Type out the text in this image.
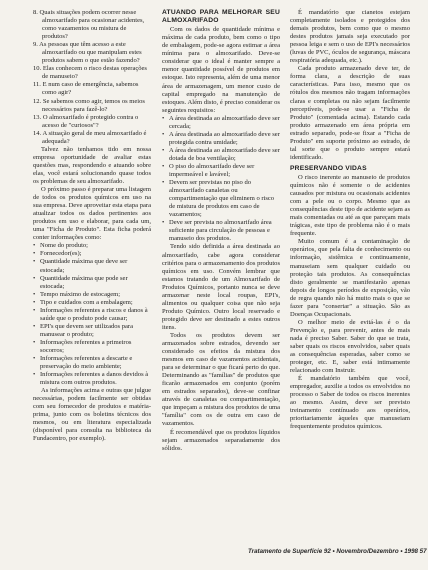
8. Quais situações podem ocorrer nesse almoxarifado para ocasionar acidentes, como vazamentos ou mistura de produtos?
9. As pessoas que têm acesso a este almoxarifado ou que manipulam estes produtos sabem o que estão fazendo?
10. Elas conhecem o risco destas operações de manuseio?
11. E num caso de emergência, sabemos como agir?
12. Se sabemos como agir, temos os meios necessários para fazê-lo?
13. O almoxarifado é protegido contra o acesso de "curiosos"?
14. A situação geral de meu almoxarifado é adequada?

Talvez não tenhamos tido em nossa empresa oportunidade de avaliar estas questões mas, respondendo e atuando sobre elas, você estará solucionando quase todos os problemas de seu almoxarifado.

O próximo passo é preparar uma listagem de todos os produtos químicos em uso na sua empresa. Deve aproveitar esta etapa para atualizar todos os dados pertinentes aos produtos em uso e elaborar, para cada um, uma "Ficha de Produto". Esta ficha poderá conter informações como:

• Nome do produto;
• Fornecedor(es);
• Quantidade máxima que deve ser estocada;
• Quantidade máxima que pode ser estocada;
• Tempo máximo de estocagem;
• Tipo e cuidados com a embalagem;
• Informações referentes a riscos e danos à saúde que o produto pode causar;
• EPI's que devem ser utilizados para manusear o produto;
• Informações referentes a primeiros socorros;
• Informações referentes a descarte e preservação do meio ambiente;
• Informações referentes a danos devidos à mistura com outros produtos.

As informações acima e outras que julgue necessárias, podem facilmente ser obtidas com seu fornecedor de produtos e matéria-prima, junto com os boletins técnicos dos mesmos, ou em literatura especializada (disponível para consulta na biblioteca da Fundacentro, por exemplo).

ATUANDO PARA MELHORAR SEU ALMOXARIFADO

Com os dados de quantidade mínima e máxima de cada produto, bem como o tipo de embalagem, pode-se agora estimar a área mínima para o almoxarifado. Deve-se considerar que o ideal é manter sempre a menor quantidade possível de produtos em estoque. Isto representa, além de uma menor área de armazenagem, um menor custo de capital empregado na manutenção de estoques. Além disto, é preciso considerar os seguintes requisitos:

• A área destinada ao almoxarifado deve ser cercada;
• A área destinada ao almoxarifado deve ser protegida contra umidade;
• A área destinada ao almoxarifado deve ser dotada de boa ventilação;
• O piso do almoxarifado deve ser impermeável e lavável;
• Devem ser previstas no piso do almoxarifado canaletas ou compartimentação que eliminem o risco de mistura de produtos em caso de vazamentos;
• Deve ser prevista no almoxarifado área suficiente para circulação de pessoas e manuseio dos produtos.

Tendo sido definida a área destinada ao almoxarifado, cabe agora considerar critérios para o armazenamento dos produtos químicos em uso. Convém lembrar que estamos tratando de um Almoxarifado de Produtos Químicos, portanto nunca se deve armazenar neste local roupas, EPI's, alimentos ou qualquer coisa que não seja Produto Químico. Outro local reservado e protegido deve ser destinado a estes outros itens.

Todos os produtos devem ser armazenados sobre estrados, devendo ser considerado os efeitos da mistura dos mesmos em caso de vazamentos acidentais, para se determinar o que ficará perto do que. Determinando as "famílias" de produtos que ficarão armazenados em conjunto (porém em estrados separados), deve-se confinar através de canaletas ou compartimentação, que impeçam a mistura dos produtos de uma "família" com os de outra em caso de vazamentos.

É recomendável que os produtos líquidos sejam armazenados separadamente dos sólidos.

É mandatório que cianetos estejam completamente isolados e protegidos dos demais produtos, bem como que o mesmo destes produtos jamais seja executado por pessoa leiga e sem o uso de EPI's necessários (luvas de PVC, óculos de segurança, máscara respiratória adequada, etc.).

Cada produto armazenado deve ter, de forma clara, a descrição de suas características. Para isso, mesmo que os rótulos dos mesmos não tragam informações claras e completas ou não sejam facilmente perceptíveis, pode-se usar a "Ficha de Produto" (comentada acima). Estando cada produto armazenado em área própria em estrado separado, pode-se fixar a "Ficha de Produto" em suporte próximo ao estrado, de tal sorte que o produto sempre estará identificado.

PRESERVANDO VIDAS

O risco inerente ao manuseio de produtos químicos não é somente o de acidentes causados por mistura ou ocasionais acidentes com a pele ou o corpo. Mesmo que as consequências deste tipo de acidente sejam as mais comentadas ou até as que pareçam mais trágicas, este tipo de problema não é o mais frequente.

Muito comum é a contaminação de operários, que pela falta de conhecimento ou informação, sistêmica e continuamente, manuseiam sem qualquer cuidado ou proteção tais produtos. As consequências disto geralmente se manifestarão apenas depois de longos períodos de exposição, vão de regra quando não há muito mais o que se fazer para "consertar" a situação. São as Doenças Ocupacionais.

O melhor meio de evitá-las é o da Prevenção e, para prevenir, antes de mais nada é preciso Saber. Saber do que se trata, saber quais os riscos envolvidos, saber quais as consequências esperadas, saber como se proteger, etc. E, saber está intimamente relacionado com Instruir.

É mandatório também que você, empregador, auxilie a todos os envolvidos no processo o Saber de todos os riscos inerentes ao mesmo. Assim, deve ser previsto treinamento contínuado aos operários, prioritariamente àqueles que manuseiam frequentemente produtos químicos.

Tratamento de Superfície 92 • Novembro/Dezembro • 1998 57
